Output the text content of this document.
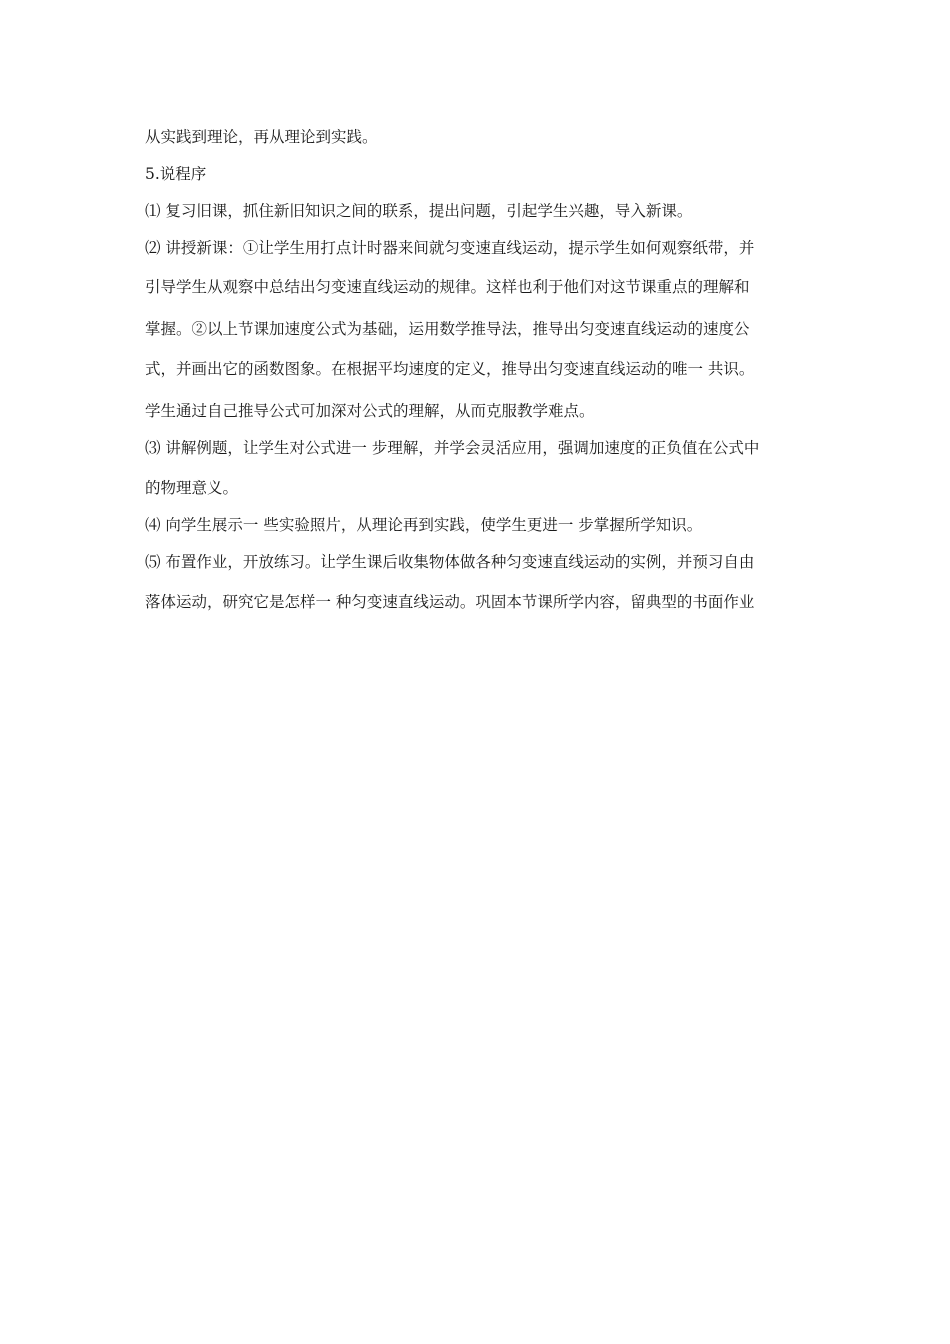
从实践到理论，再从理论到实践。
5.说程序
⑴ 复习旧课，抓住新旧知识之间的联系，提出问题，引起学生兴趣，导入新课。
⑵ 讲授新课：①让学生用打点计时器来间就匀变速直线运动，提示学生如何观察纸带，并
引导学生从观察中总结出匀变速直线运动的规律。这样也利于他们对这节课重点的理解和
掌握。②以上节课加速度公式为基础，运用数学推导法，推导出匀变速直线运动的速度公
式，并画出它的函数图象。在根据平均速度的定义，推导出匀变速直线运动的唯一 共识。
学生通过自己推导公式可加深对公式的理解，从而克服教学难点。
⑶ 讲解例题，让学生对公式进一 步理解，并学会灵活应用，强调加速度的正负值在公式中
的物理意义。
⑷ 向学生展示一 些实验照片，从理论再到实践，使学生更进一 步掌握所学知识。
⑸ 布置作业，开放练习。让学生课后收集物体做各种匀变速直线运动的实例，并预习自由
落体运动，研究它是怎样一 种匀变速直线运动。巩固本节课所学内容，留典型的书面作业
